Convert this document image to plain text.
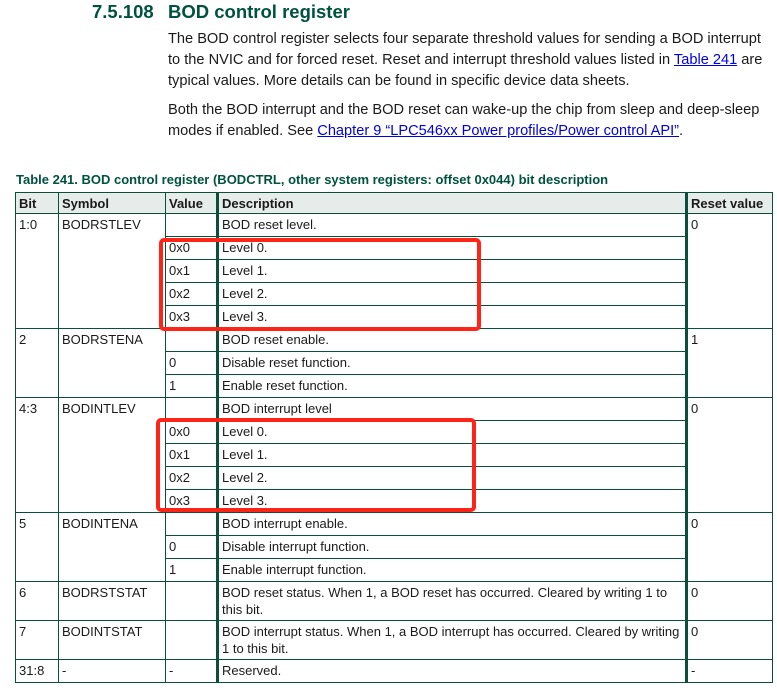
7.5.108 BOD control register
The BOD control register selects four separate threshold values for sending a BOD interrupt to the NVIC and for forced reset. Reset and interrupt threshold values listed in Table 241 are typical values. More details can be found in specific device data sheets.
Both the BOD interrupt and the BOD reset can wake-up the chip from sleep and deep-sleep modes if enabled. See Chapter 9 “LPC546xx Power profiles/Power control API”.
Table 241. BOD control register (BODCTRL, other system registers: offset 0x044) bit description
Bit	Symbol	Value	Description	Reset value
1:0	BODRSTLEV		BOD reset level.	0
		0x0	Level 0.	
		0x1	Level 1.	
		0x2	Level 2.	
		0x3	Level 3.	
2	BODRSTENA		BOD reset enable.	1
		0	Disable reset function.	
		1	Enable reset function.	
4:3	BODINTLEV		BOD interrupt level	0
		0x0	Level 0.	
		0x1	Level 1.	
		0x2	Level 2.	
		0x3	Level 3.	
5	BODINTENA		BOD interrupt enable.	0
		0	Disable interrupt function.	
		1	Enable interrupt function.	
6	BODRSTSTAT		BOD reset status. When 1, a BOD reset has occurred. Cleared by writing 1 to this bit.	0
7	BODINTSTAT		BOD interrupt status. When 1, a BOD interrupt has occurred. Cleared by writing 1 to this bit.	0
31:8	-	-	Reserved.	-
